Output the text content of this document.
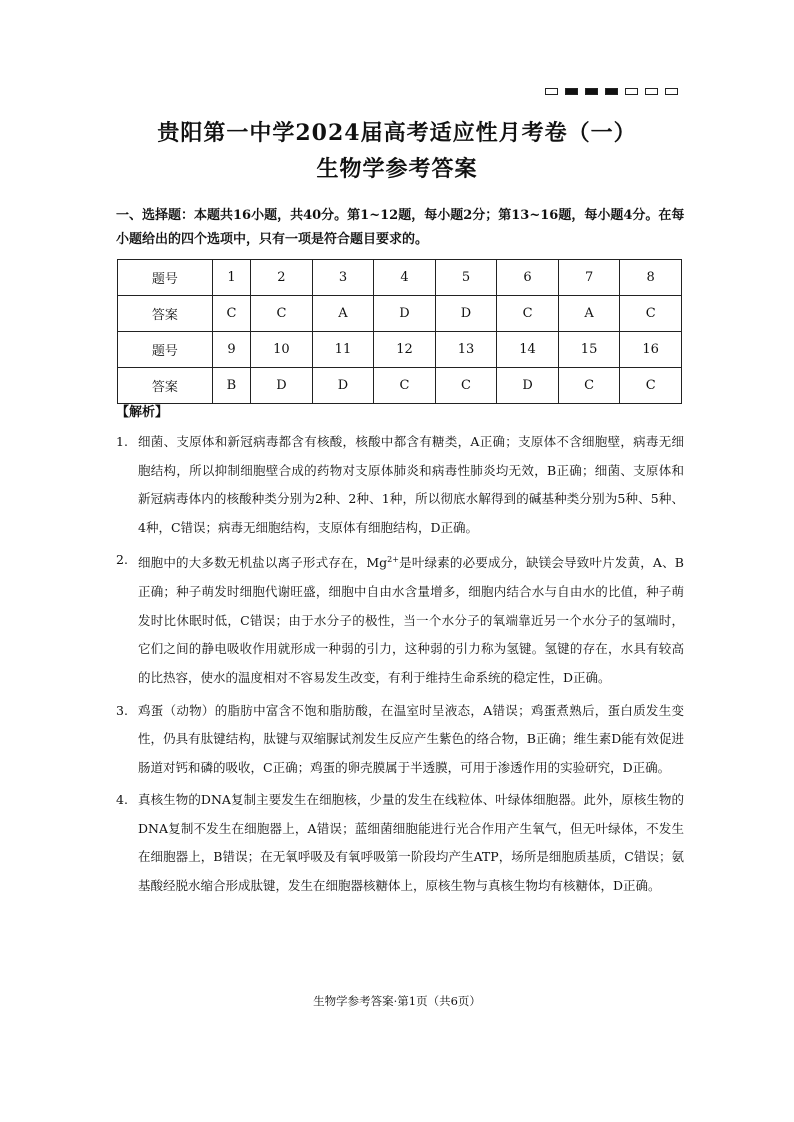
贵阳第一中学2024届高考适应性月考卷（一）
生物学参考答案
一、选择题：本题共16小题，共40分。第1~12题，每小题2分；第13~16题，每小题4分。在每小题给出的四个选项中，只有一项是符合题目要求的。
题号	1	2	3	4	5	6	7	8
答案	C	C	A	D	D	C	A	C
题号	9	10	11	12	13	14	15	16
答案	B	D	D	C	C	D	C	C
【解析】
1. 细菌、支原体和新冠病毒都含有核酸，核酸中都含有糖类，A正确；支原体不含细胞壁，病毒无细胞结构，所以抑制细胞壁合成的药物对支原体肺炎和病毒性肺炎均无效，B正确；细菌、支原体和新冠病毒体内的核酸种类分别为2种、2种、1种，所以彻底水解得到的碱基种类分别为5种、5种、4种，C错误；病毒无细胞结构，支原体有细胞结构，D正确。
2. 细胞中的大多数无机盐以离子形式存在，$Mg^{2+}$是叶绿素的必要成分，缺镁会导致叶片发黄，A、B正确；种子萌发时细胞代谢旺盛，细胞中自由水含量增多，细胞内结合水与自由水的比值，种子萌发时比休眠时低，C错误；由于水分子的极性，当一个水分子的氧端靠近另一个水分子的氢端时，它们之间的静电吸收作用就形成一种弱的引力，这种弱的引力称为氢键。氢键的存在，水具有较高的比热容，使水的温度相对不容易发生改变，有利于维持生命系统的稳定性，D正确。
3. 鸡蛋（动物）的脂肪中富含不饱和脂肪酸，在温室时呈液态，A错误；鸡蛋煮熟后，蛋白质发生变性，仍具有肽键结构，肽键与双缩脲试剂发生反应产生紫色的络合物，B正确；维生素D能有效促进肠道对钙和磷的吸收，C正确；鸡蛋的卵壳膜属于半透膜，可用于渗透作用的实验研究，D正确。
4. 真核生物的DNA复制主要发生在细胞核，少量的发生在线粒体、叶绿体细胞器。此外，原核生物的DNA复制不发生在细胞器上，A错误；蓝细菌细胞能进行光合作用产生氧气，但无叶绿体，不发生在细胞器上，B错误；在无氧呼吸及有氧呼吸第一阶段均产生ATP，场所是细胞质基质，C错误；氨基酸经脱水缩合形成肽键，发生在细胞器核糖体上，原核生物与真核生物均有核糖体，D正确。
生物学参考答案·第1页（共6页）
